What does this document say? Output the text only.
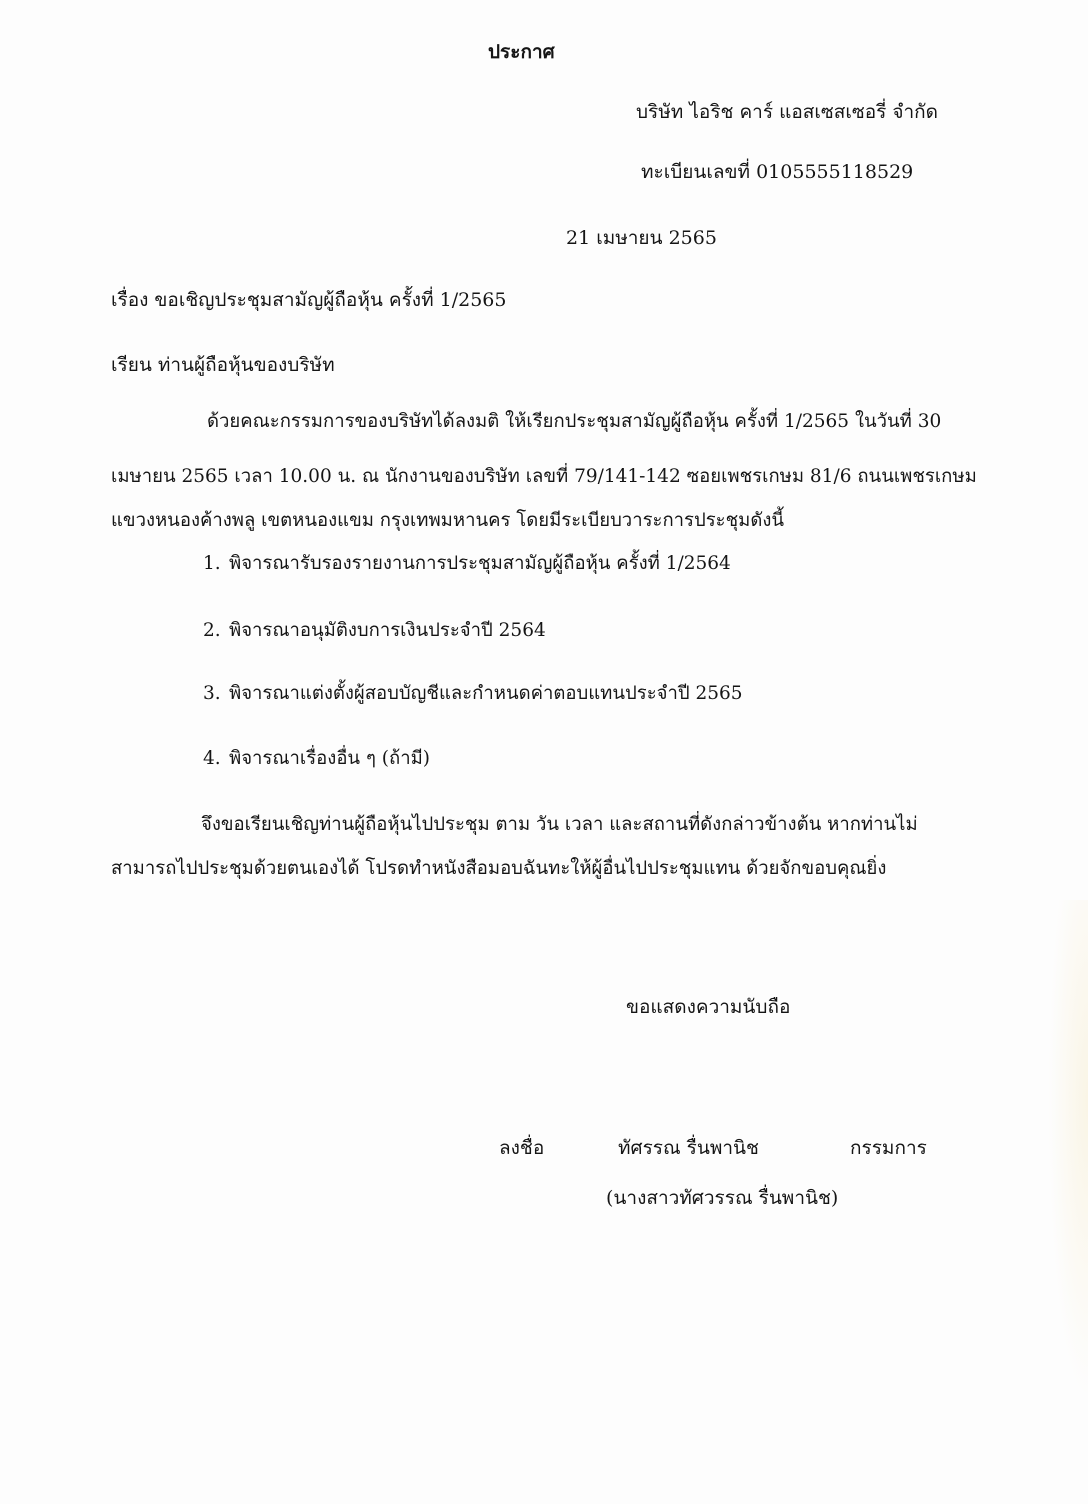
ประกาศ
บริษัท ไอริช คาร์ แอสเซสเซอรี่ จำกัด
ทะเบียนเลขที่ 0105555118529
21 เมษายน 2565
เรื่อง ขอเชิญประชุมสามัญผู้ถือหุ้น ครั้งที่ 1/2565
เรียน ท่านผู้ถือหุ้นของบริษัท
ด้วยคณะกรรมการของบริษัทได้ลงมติ ให้เรียกประชุมสามัญผู้ถือหุ้น ครั้งที่ 1/2565 ในวันที่ 30
เมษายน 2565 เวลา 10.00 น. ณ นักงานของบริษัท เลขที่ 79/141-142 ซอยเพชรเกษม 81/6 ถนนเพชรเกษม
แขวงหนองค้างพลู เขตหนองแขม กรุงเทพมหานคร โดยมีระเบียบวาระการประชุมดังนี้
1. พิจารณารับรองรายงานการประชุมสามัญผู้ถือหุ้น ครั้งที่ 1/2564
2. พิจารณาอนุมัติงบการเงินประจำปี 2564
3. พิจารณาแต่งตั้งผู้สอบบัญชีและกำหนดค่าตอบแทนประจำปี 2565
4. พิจารณาเรื่องอื่น ๆ (ถ้ามี)
จึงขอเรียนเชิญท่านผู้ถือหุ้นไปประชุม ตาม วัน เวลา และสถานที่ดังกล่าวข้างต้น หากท่านไม่
สามารถไปประชุมด้วยตนเองได้ โปรดทำหนังสือมอบฉันทะให้ผู้อื่นไปประชุมแทน ด้วยจักขอบคุณยิ่ง
ขอแสดงความนับถือ
ลงชื่อ	ทัศรรณ รื่นพานิช	กรรมการ
(นางสาวทัศวรรณ รื่นพานิช)
